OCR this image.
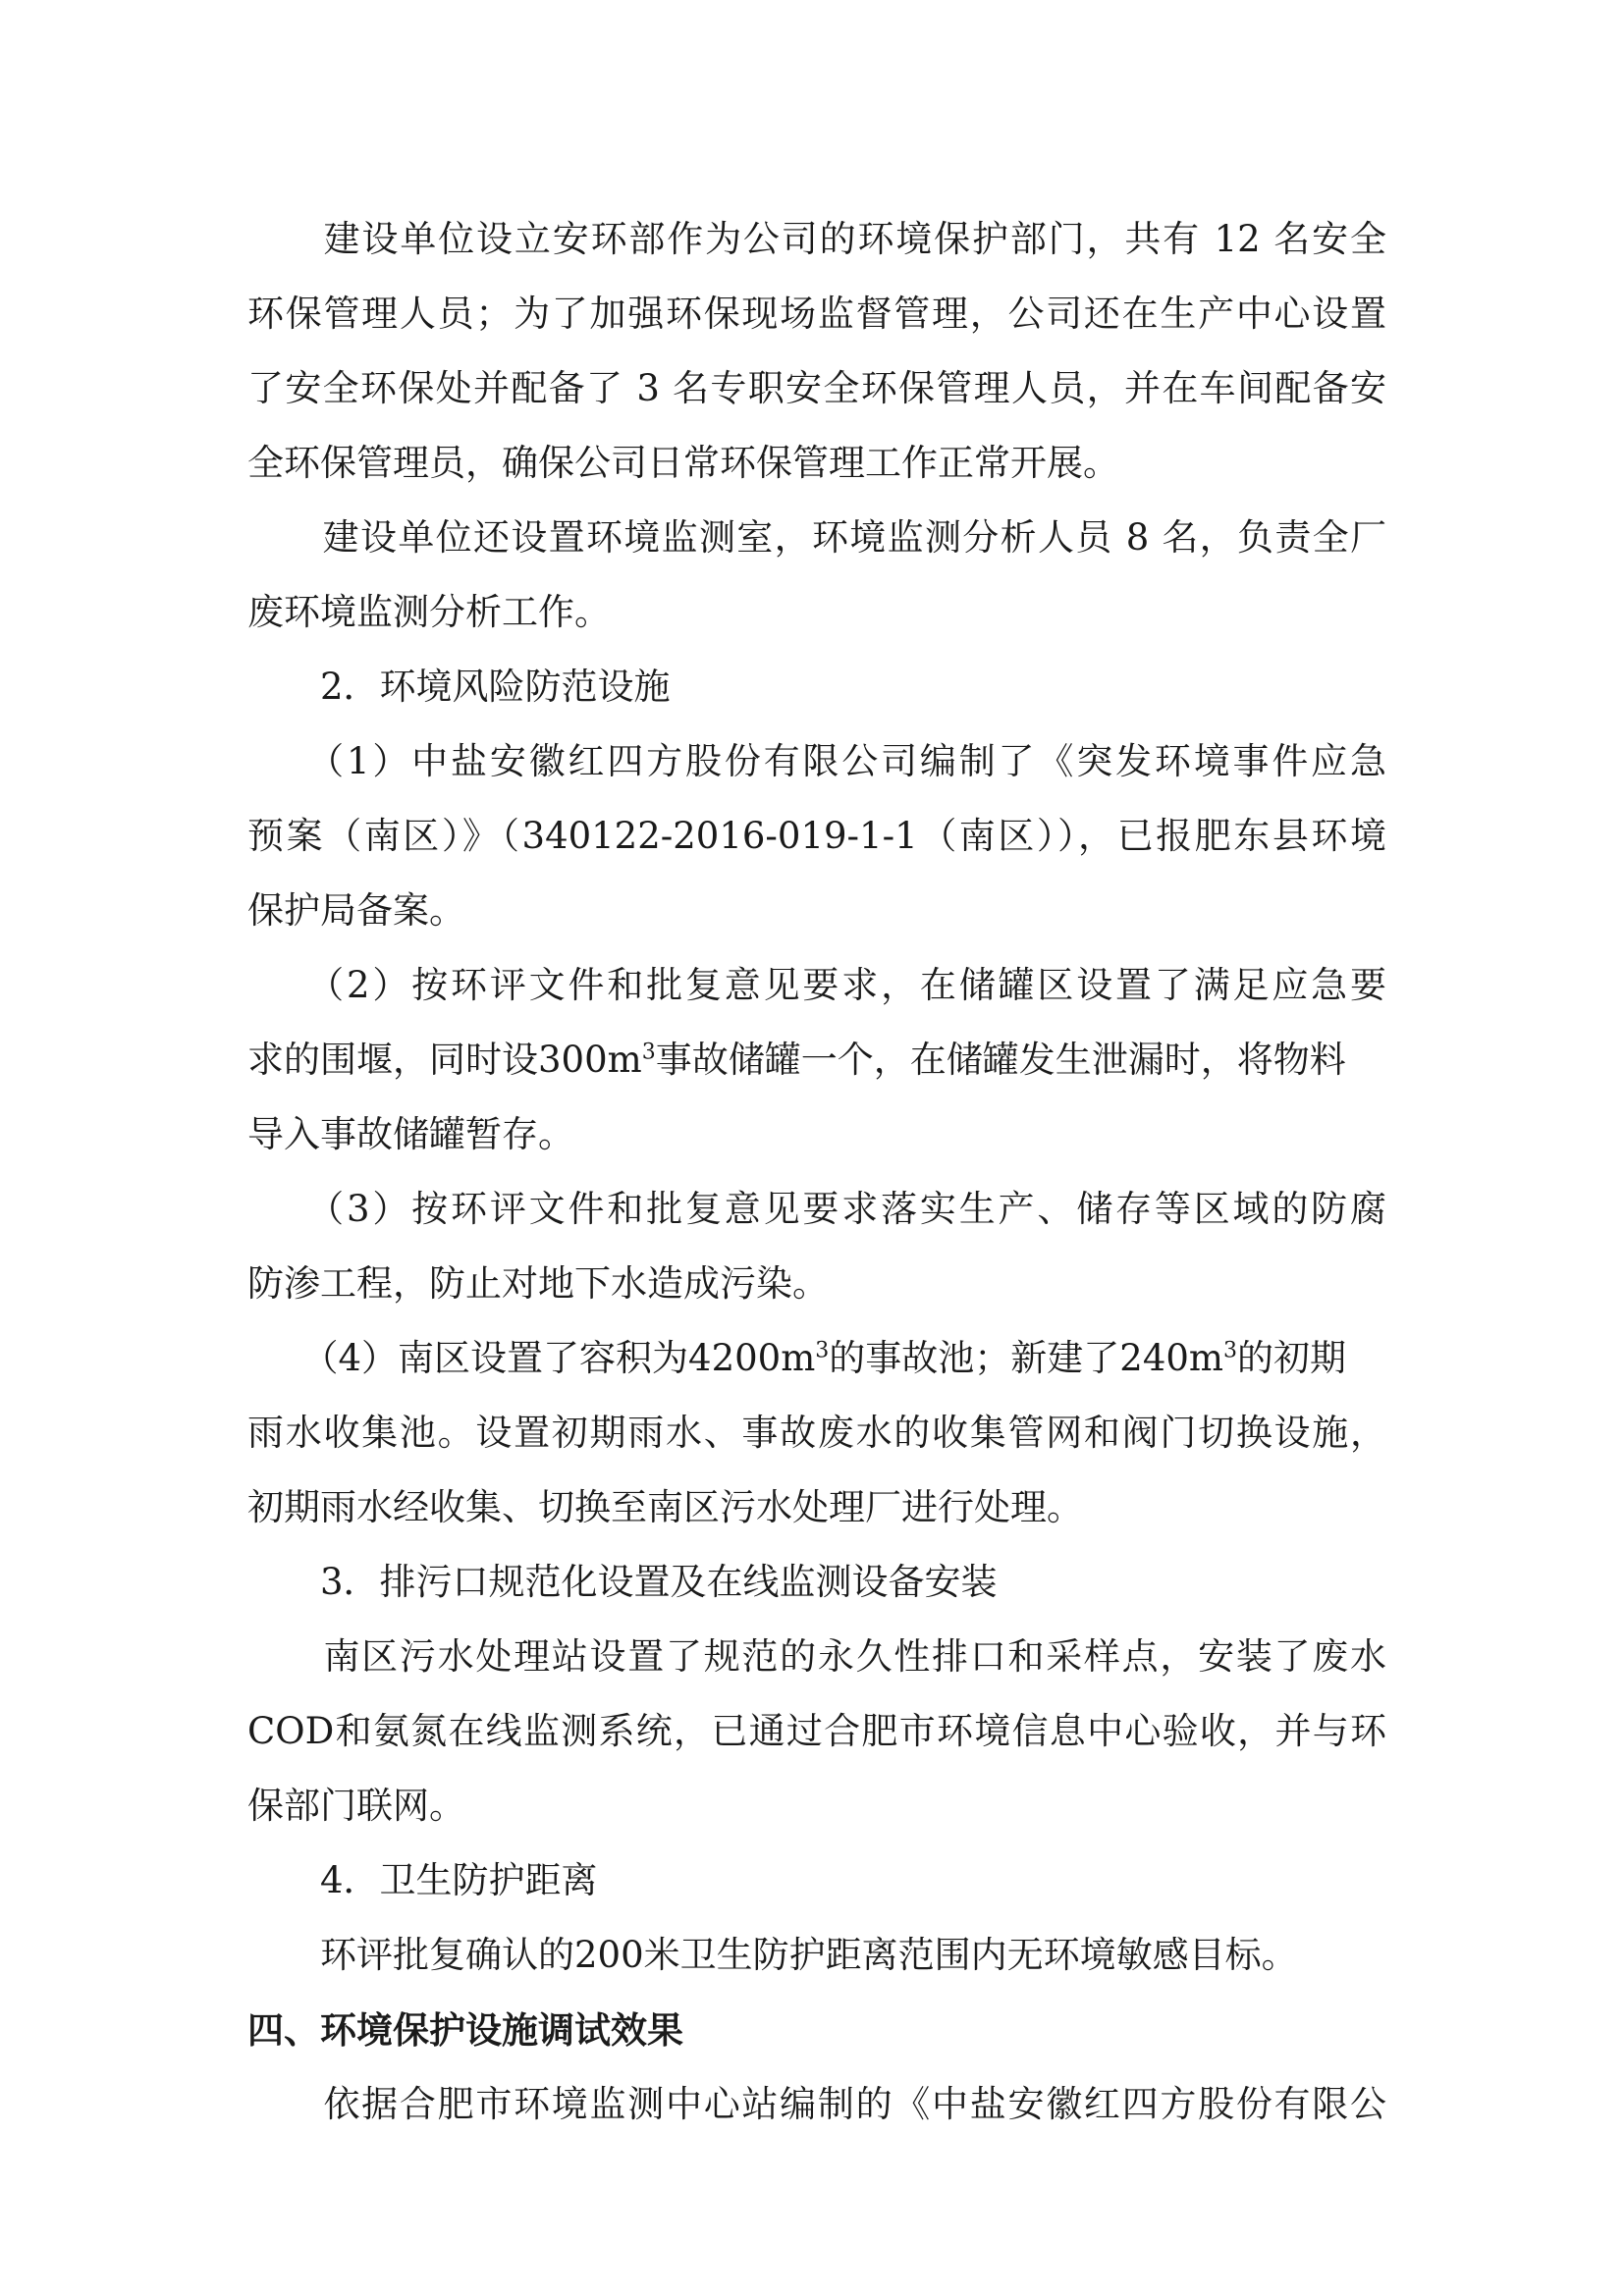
　　建设单位设立安环部作为公司的环境保护部门，共有 12 名安全
环保管理人员；为了加强环保现场监督管理，公司还在生产中心设置
了安全环保处并配备了 3 名专职安全环保管理人员，并在车间配备安
全环保管理员，确保公司日常环保管理工作正常开展。
　　建设单位还设置环境监测室，环境监测分析人员 8 名，负责全厂
废环境监测分析工作。
　　2．环境风险防范设施
　　（1）中盐安徽红四方股份有限公司编制了《突发环境事件应急
预案（南区）》（340122-2016-019-1-1（南区）），已报肥东县环境
保护局备案。
　　（2）按环评文件和批复意见要求，在储罐区设置了满足应急要
求的围堰，同时设$300m^3$事故储罐一个，在储罐发生泄漏时，将物料
导入事故储罐暂存。
　　（3）按环评文件和批复意见要求落实生产、储存等区域的防腐
防渗工程，防止对地下水造成污染。
　　（4）南区设置了容积为$4200m^3$的事故池；新建了$240m^3$的初期
雨水收集池。设置初期雨水、事故废水的收集管网和阀门切换设施，
初期雨水经收集、切换至南区污水处理厂进行处理。
　　3．排污口规范化设置及在线监测设备安装
　　南区污水处理站设置了规范的永久性排口和采样点，安装了废水
COD和氨氮在线监测系统，已通过合肥市环境信息中心验收，并与环
保部门联网。
　　4．卫生防护距离
　　环评批复确认的200米卫生防护距离范围内无环境敏感目标。
四、环境保护设施调试效果
　　依据合肥市环境监测中心站编制的《中盐安徽红四方股份有限公
